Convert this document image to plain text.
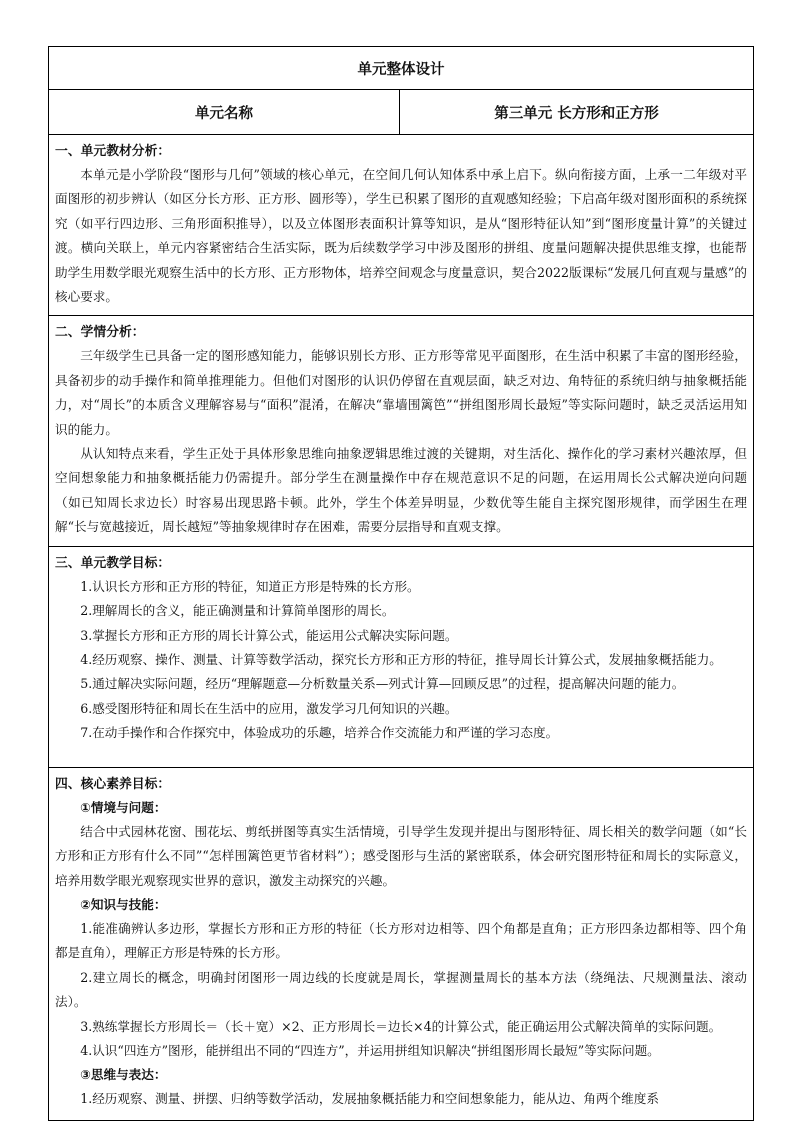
单元整体设计
单元名称	第三单元 长方形和正方形

一、单元教材分析：

本单元是小学阶段“图形与几何”领域的核心单元，在空间几何认知体系中承上启下。纵向衔接方面，上承一二年级对平面图形的初步辨认（如区分长方形、正方形、圆形等），学生已积累了图形的直观感知经验；下启高年级对图形面积的系统探究（如平行四边形、三角形面积推导），以及立体图形表面积计算等知识，是从“图形特征认知”到“图形度量计算”的关键过渡。横向关联上，单元内容紧密结合生活实际，既为后续数学学习中涉及图形的拼组、度量问题解决提供思维支撑，也能帮助学生用数学眼光观察生活中的长方形、正方形物体，培养空间观念与度量意识，契合2022版课标“发展几何直观与量感”的核心要求。

二、学情分析：

三年级学生已具备一定的图形感知能力，能够识别长方形、正方形等常见平面图形，在生活中积累了丰富的图形经验，具备初步的动手操作和简单推理能力。但他们对图形的认识仍停留在直观层面，缺乏对边、角特征的系统归纳与抽象概括能力，对“周长”的本质含义理解容易与“面积”混淆，在解决“靠墙围篱笆”“拼组图形周长最短”等实际问题时，缺乏灵活运用知识的能力。

从认知特点来看，学生正处于具体形象思维向抽象逻辑思维过渡的关键期，对生活化、操作化的学习素材兴趣浓厚，但空间想象能力和抽象概括能力仍需提升。部分学生在测量操作中存在规范意识不足的问题，在运用周长公式解决逆向问题（如已知周长求边长）时容易出现思路卡顿。此外，学生个体差异明显，少数优等生能自主探究图形规律，而学困生在理解“长与宽越接近，周长越短”等抽象规律时存在困难，需要分层指导和直观支撑。

三、单元教学目标：

1.认识长方形和正方形的特征，知道正方形是特殊的长方形。

2.理解周长的含义，能正确测量和计算简单图形的周长。

3.掌握长方形和正方形的周长计算公式，能运用公式解决实际问题。

4.经历观察、操作、测量、计算等数学活动，探究长方形和正方形的特征，推导周长计算公式，发展抽象概括能力。

5.通过解决实际问题，经历“理解题意—分析数量关系—列式计算—回顾反思”的过程，提高解决问题的能力。

6.感受图形特征和周长在生活中的应用，激发学习几何知识的兴趣。

7.在动手操作和合作探究中，体验成功的乐趣，培养合作交流能力和严谨的学习态度。

四、核心素养目标：
①情境与问题：

结合中式园林花窗、围花坛、剪纸拼图等真实生活情境，引导学生发现并提出与图形特征、周长相关的数学问题（如“长方形和正方形有什么不同”“怎样围篱笆更节省材料”）；感受图形与生活的紧密联系，体会研究图形特征和周长的实际意义，培养用数学眼光观察现实世界的意识，激发主动探究的兴趣。

②知识与技能：

1.能准确辨认多边形，掌握长方形和正方形的特征（长方形对边相等、四个角都是直角；正方形四条边都相等、四个角都是直角），理解正方形是特殊的长方形。

2.建立周长的概念，明确封闭图形一周边线的长度就是周长，掌握测量周长的基本方法（绕绳法、尺规测量法、滚动法）。

3.熟练掌握长方形周长＝（长＋宽）×2、正方形周长＝边长×4的计算公式，能正确运用公式解决简单的实际问题。

4.认识“四连方”图形，能拼组出不同的“四连方”，并运用拼组知识解决“拼组图形周长最短”等实际问题。

③思维与表达：

1.经历观察、测量、拼摆、归纳等数学活动，发展抽象概括能力和空间想象能力，能从边、角两个维度系
